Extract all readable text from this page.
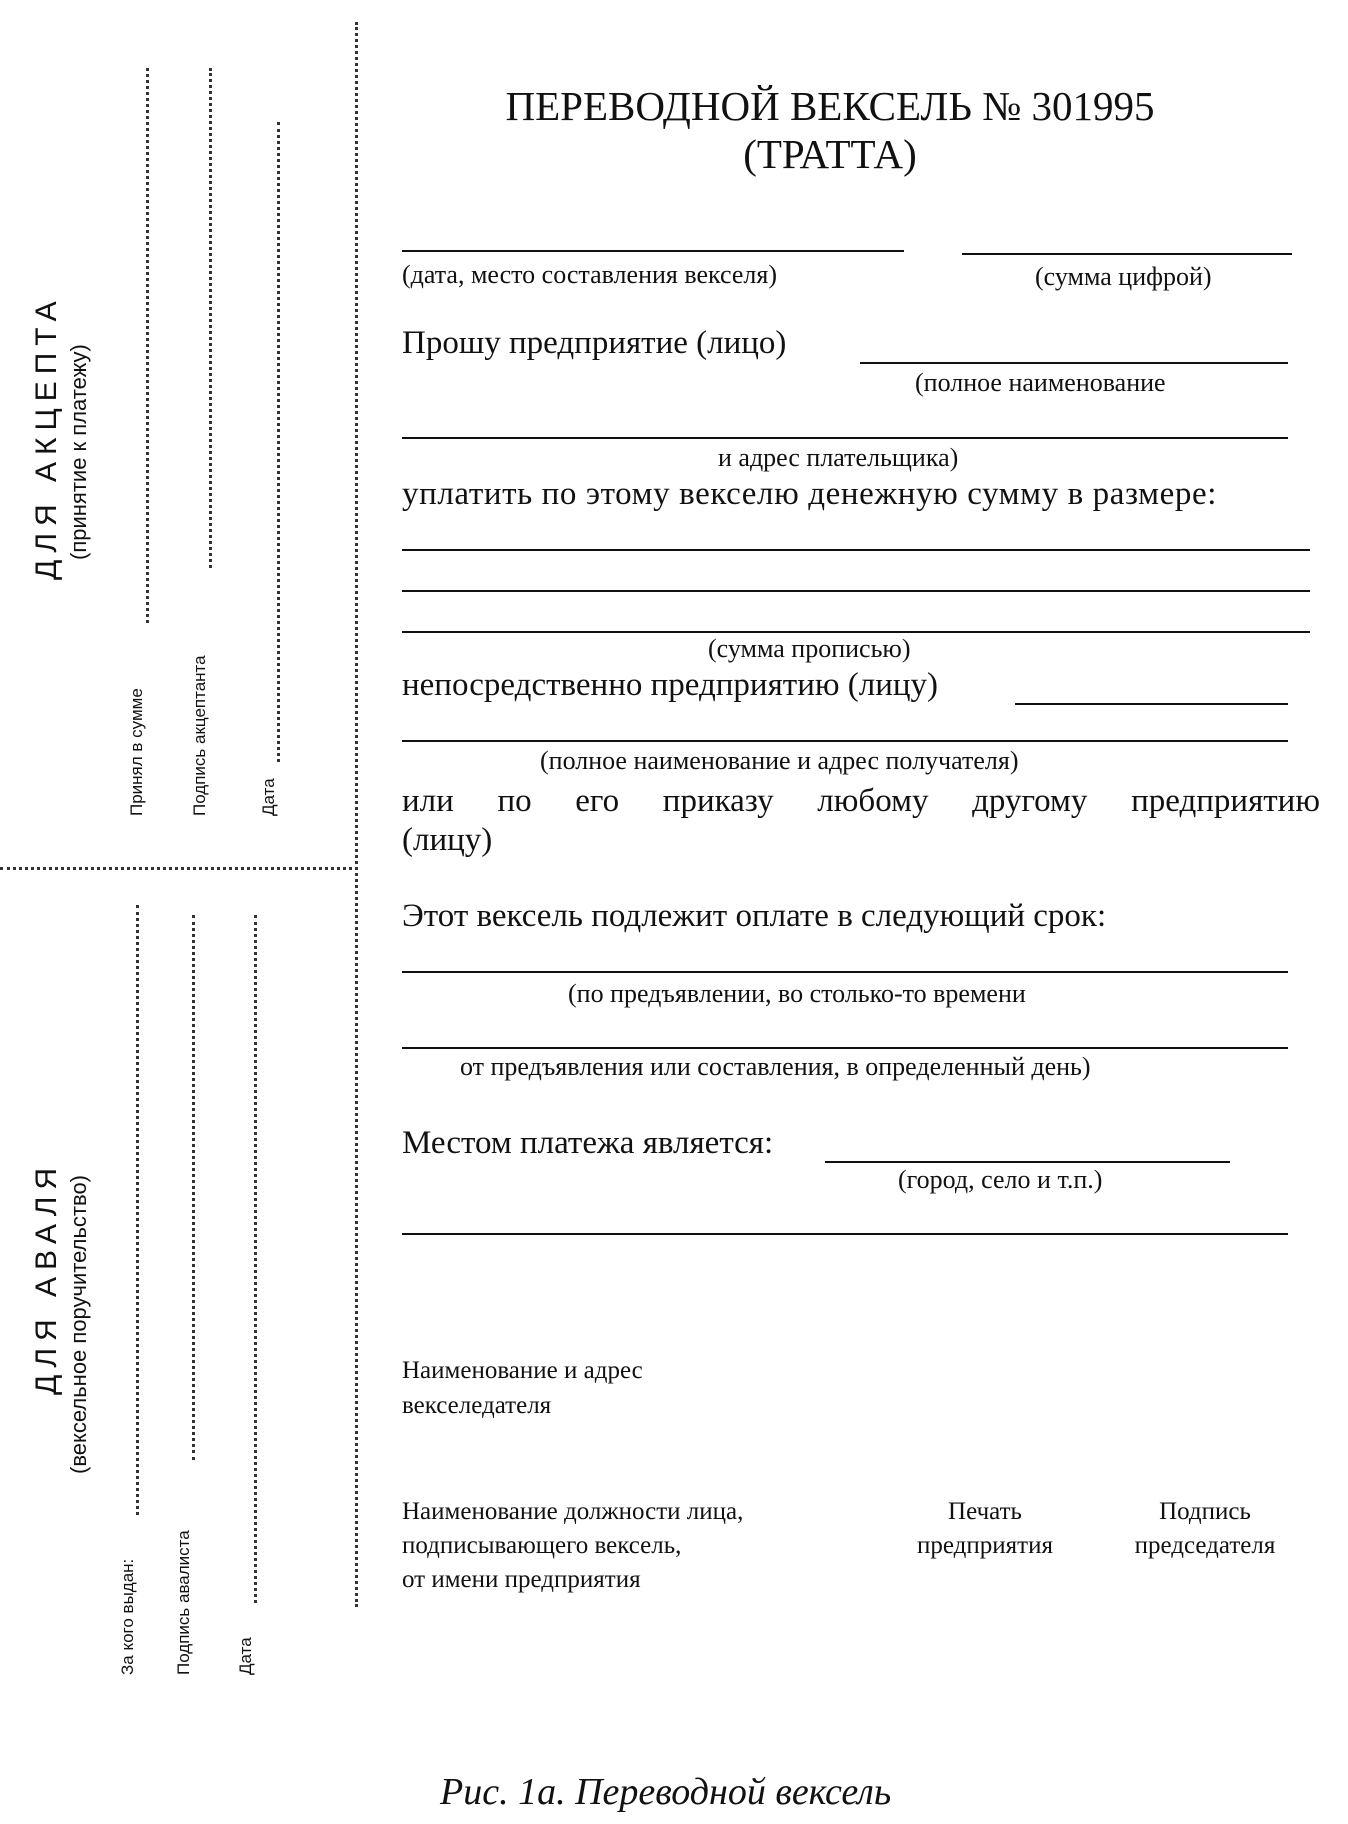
ДЛЯ АКЦЕПТА (принятие к платежу)
Принял в сумме	Подпись акцептанта	Дата
ДЛЯ АВАЛЯ (вексельное поручительство)
За кого выдан: Подпись авалиста	Дата
ПЕРЕВОДНОЙ ВЕКСЕЛЬ № 301995
(ТРАТТА)
(дата, место составления векселя)	(сумма цифрой)
Прошу предприятие (лицо)
(полное наименование
и адрес плательщика)
уплатить по этому векселю денежную сумму в размере:
(сумма прописью)
непосредственно предприятию (лицу)
(полное наименование и адрес получателя)
или по его приказу любому другому предприятию
(лицу)
Этот вексель подлежит оплате в следующий срок:
(по предъявлении, во столько-то времени
от предъявления или составления, в определенный день)
Местом платежа является:
(город, село и т.п.)
Наименование и адрес
векселедателя
Наименование должности лица,
подписывающего вексель,
от имени предприятия
Печать
предприятия
Подпись
председателя
Рис. 1а. Переводной вексель
